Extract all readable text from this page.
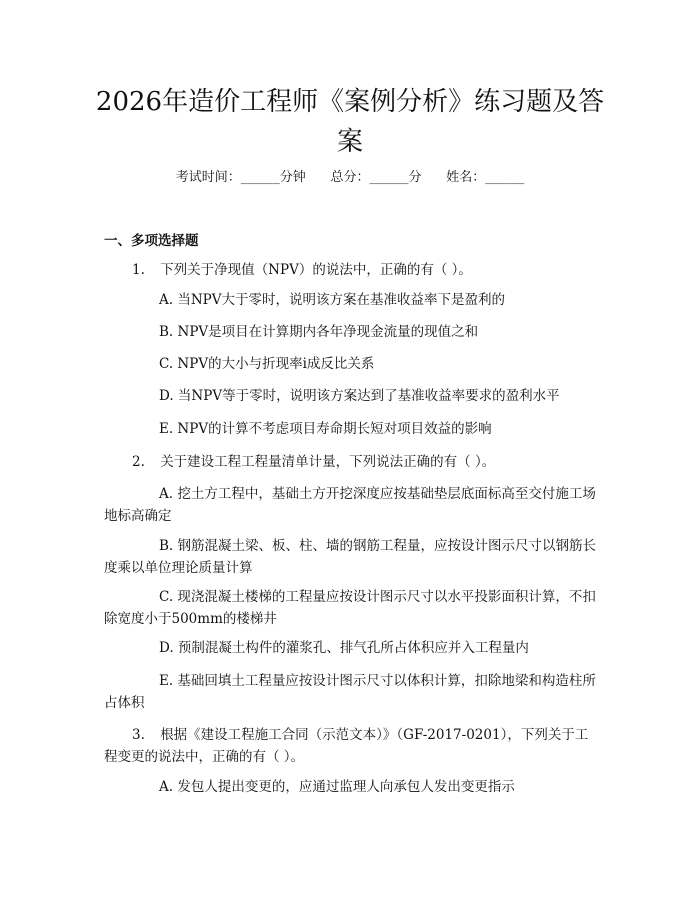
2026年造价工程师《案例分析》练习题及答案
考试时间：______分钟      总分：______分      姓名：______
一、多项选择题
1. 下列关于净现值（NPV）的说法中，正确的有（ ）。
A. 当NPV大于零时，说明该方案在基准收益率下是盈利的
B. NPV是项目在计算期内各年净现金流量的现值之和
C. NPV的大小与折现率i成反比关系
D. 当NPV等于零时，说明该方案达到了基准收益率要求的盈利水平
E. NPV的计算不考虑项目寿命期长短对项目效益的影响
2. 关于建设工程工程量清单计量，下列说法正确的有（ ）。
A. 挖土方工程中，基础土方开挖深度应按基础垫层底面标高至交付施工场地标高确定
B. 钢筋混凝土梁、板、柱、墙的钢筋工程量，应按设计图示尺寸以钢筋长度乘以单位理论质量计算
C. 现浇混凝土楼梯的工程量应按设计图示尺寸以水平投影面积计算，不扣除宽度小于500mm的楼梯井
D. 预制混凝土构件的灌浆孔、排气孔所占体积应并入工程量内
E. 基础回填土工程量应按设计图示尺寸以体积计算，扣除地梁和构造柱所占体积
3. 根据《建设工程施工合同（示范文本）》（GF-2017-0201），下列关于工程变更的说法中，正确的有（ ）。
A. 发包人提出变更的，应通过监理人向承包人发出变更指示
